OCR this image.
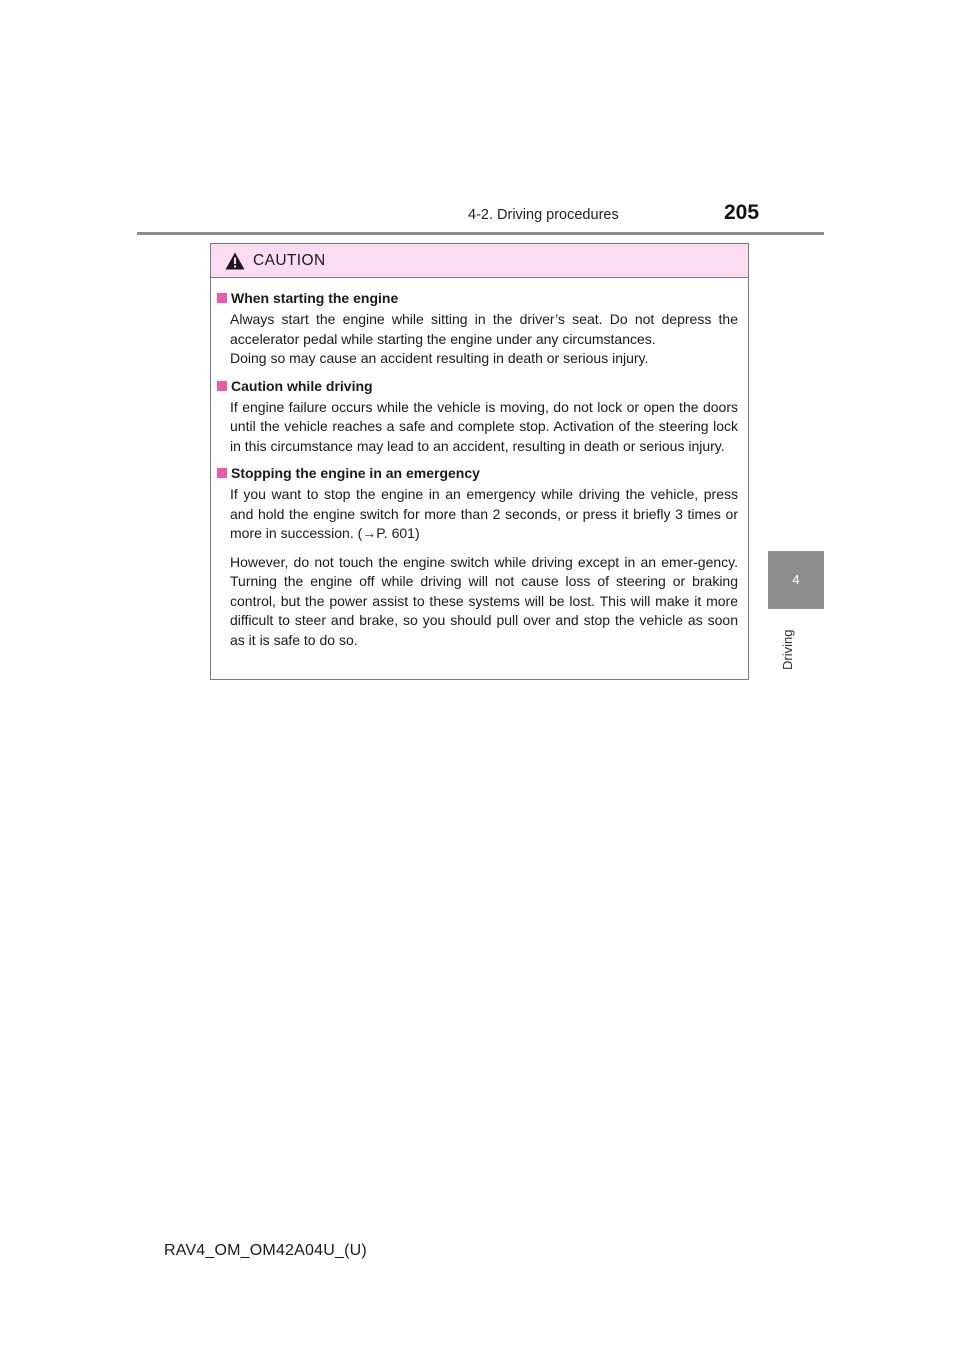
4-2. Driving procedures	205
4
Driving
CAUTION
When starting the engine
Always start the engine while sitting in the driver’s seat. Do not depress the accelerator pedal while starting the engine under any circumstances.
Doing so may cause an accident resulting in death or serious injury.
Caution while driving
If engine failure occurs while the vehicle is moving, do not lock or open the doors until the vehicle reaches a safe and complete stop. Activation of the steering lock in this circumstance may lead to an accident, resulting in death or serious injury.
Stopping the engine in an emergency
If you want to stop the engine in an emergency while driving the vehicle, press and hold the engine switch for more than 2 seconds, or press it briefly 3 times or more in succession. (→P. 601)
However, do not touch the engine switch while driving except in an emer-gency. Turning the engine off while driving will not cause loss of steering or braking control, but the power assist to these systems will be lost. This will make it more difficult to steer and brake, so you should pull over and stop the vehicle as soon as it is safe to do so.
RAV4_OM_OM42A04U_(U)
